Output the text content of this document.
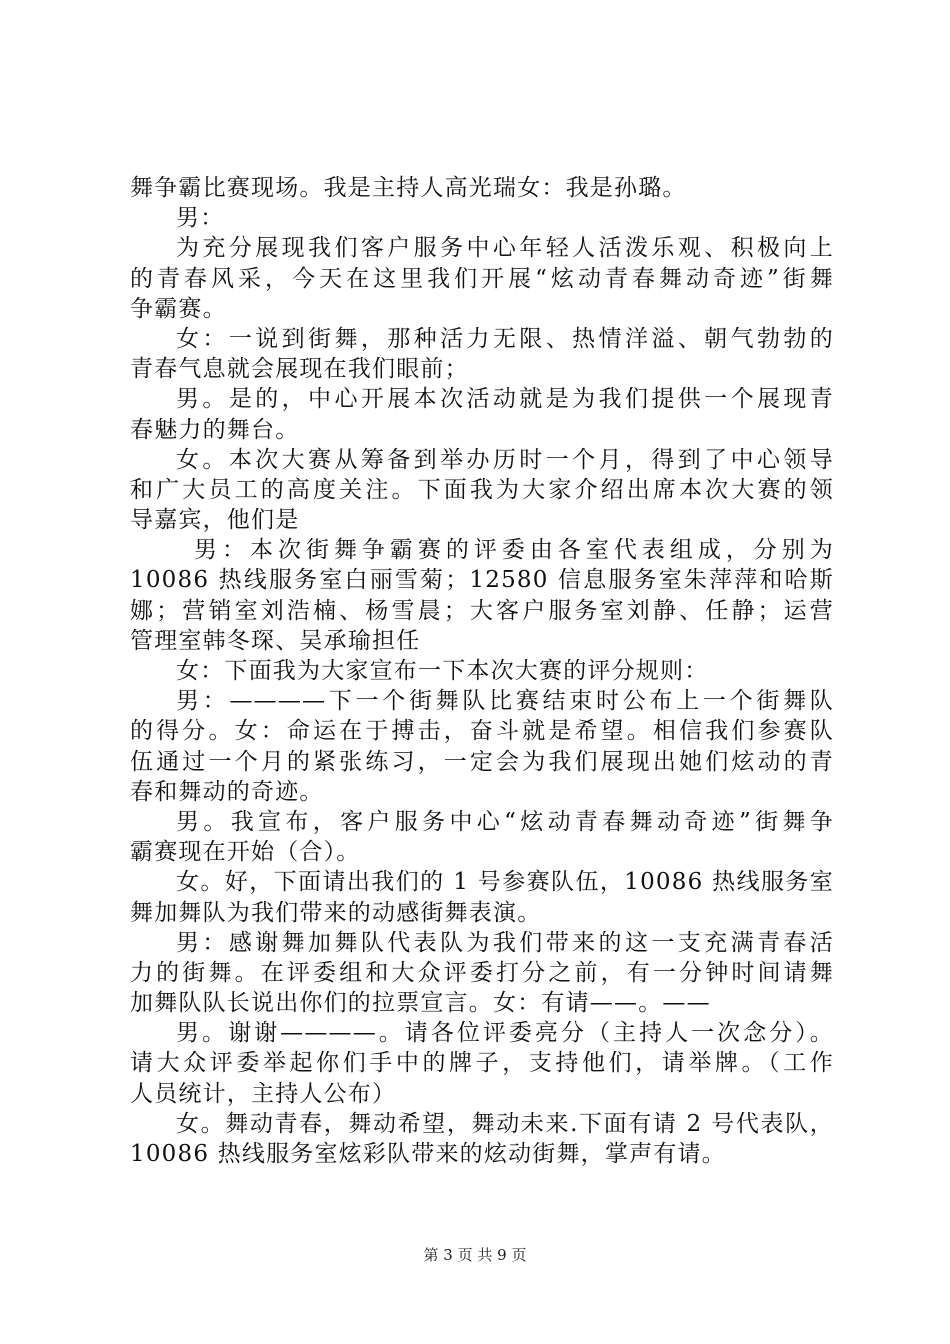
舞争霸比赛现场。我是主持人高光瑞女：我是孙璐。
男：
为充分展现我们客户服务中心年轻人活泼乐观、积极向上
的青春风采，今天在这里我们开展“炫动青春舞动奇迹”街舞
争霸赛。
女：一说到街舞，那种活力无限、热情洋溢、朝气勃勃的
青春气息就会展现在我们眼前；
男。是的，中心开展本次活动就是为我们提供一个展现青
春魅力的舞台。
女。本次大赛从筹备到举办历时一个月，得到了中心领导
和广大员工的高度关注。下面我为大家介绍出席本次大赛的领
导嘉宾，他们是
男：本次街舞争霸赛的评委由各室代表组成，分别为
10086 热线服务室白丽雪菊；12580 信息服务室朱萍萍和哈斯
娜；营销室刘浩楠、杨雪晨；大客户服务室刘静、任静；运营
管理室韩冬琛、吴承瑜担任
女：下面我为大家宣布一下本次大赛的评分规则：
男：————下一个街舞队比赛结束时公布上一个街舞队
的得分。女：命运在于搏击，奋斗就是希望。相信我们参赛队
伍通过一个月的紧张练习，一定会为我们展现出她们炫动的青
春和舞动的奇迹。
男。我宣布，客户服务中心“炫动青春舞动奇迹”街舞争
霸赛现在开始（合）。
女。好，下面请出我们的 1 号参赛队伍，10086 热线服务室
舞加舞队为我们带来的动感街舞表演。
男：感谢舞加舞队代表队为我们带来的这一支充满青春活
力的街舞。在评委组和大众评委打分之前，有一分钟时间请舞
加舞队队长说出你们的拉票宣言。女：有请——。——
男。谢谢————。请各位评委亮分（主持人一次念分）。
请大众评委举起你们手中的牌子，支持他们，请举牌。（工作
人员统计，主持人公布）
女。舞动青春，舞动希望，舞动未来.下面有请 2 号代表队，
10086 热线服务室炫彩队带来的炫动街舞，掌声有请。
第 3 页 共 9 页
